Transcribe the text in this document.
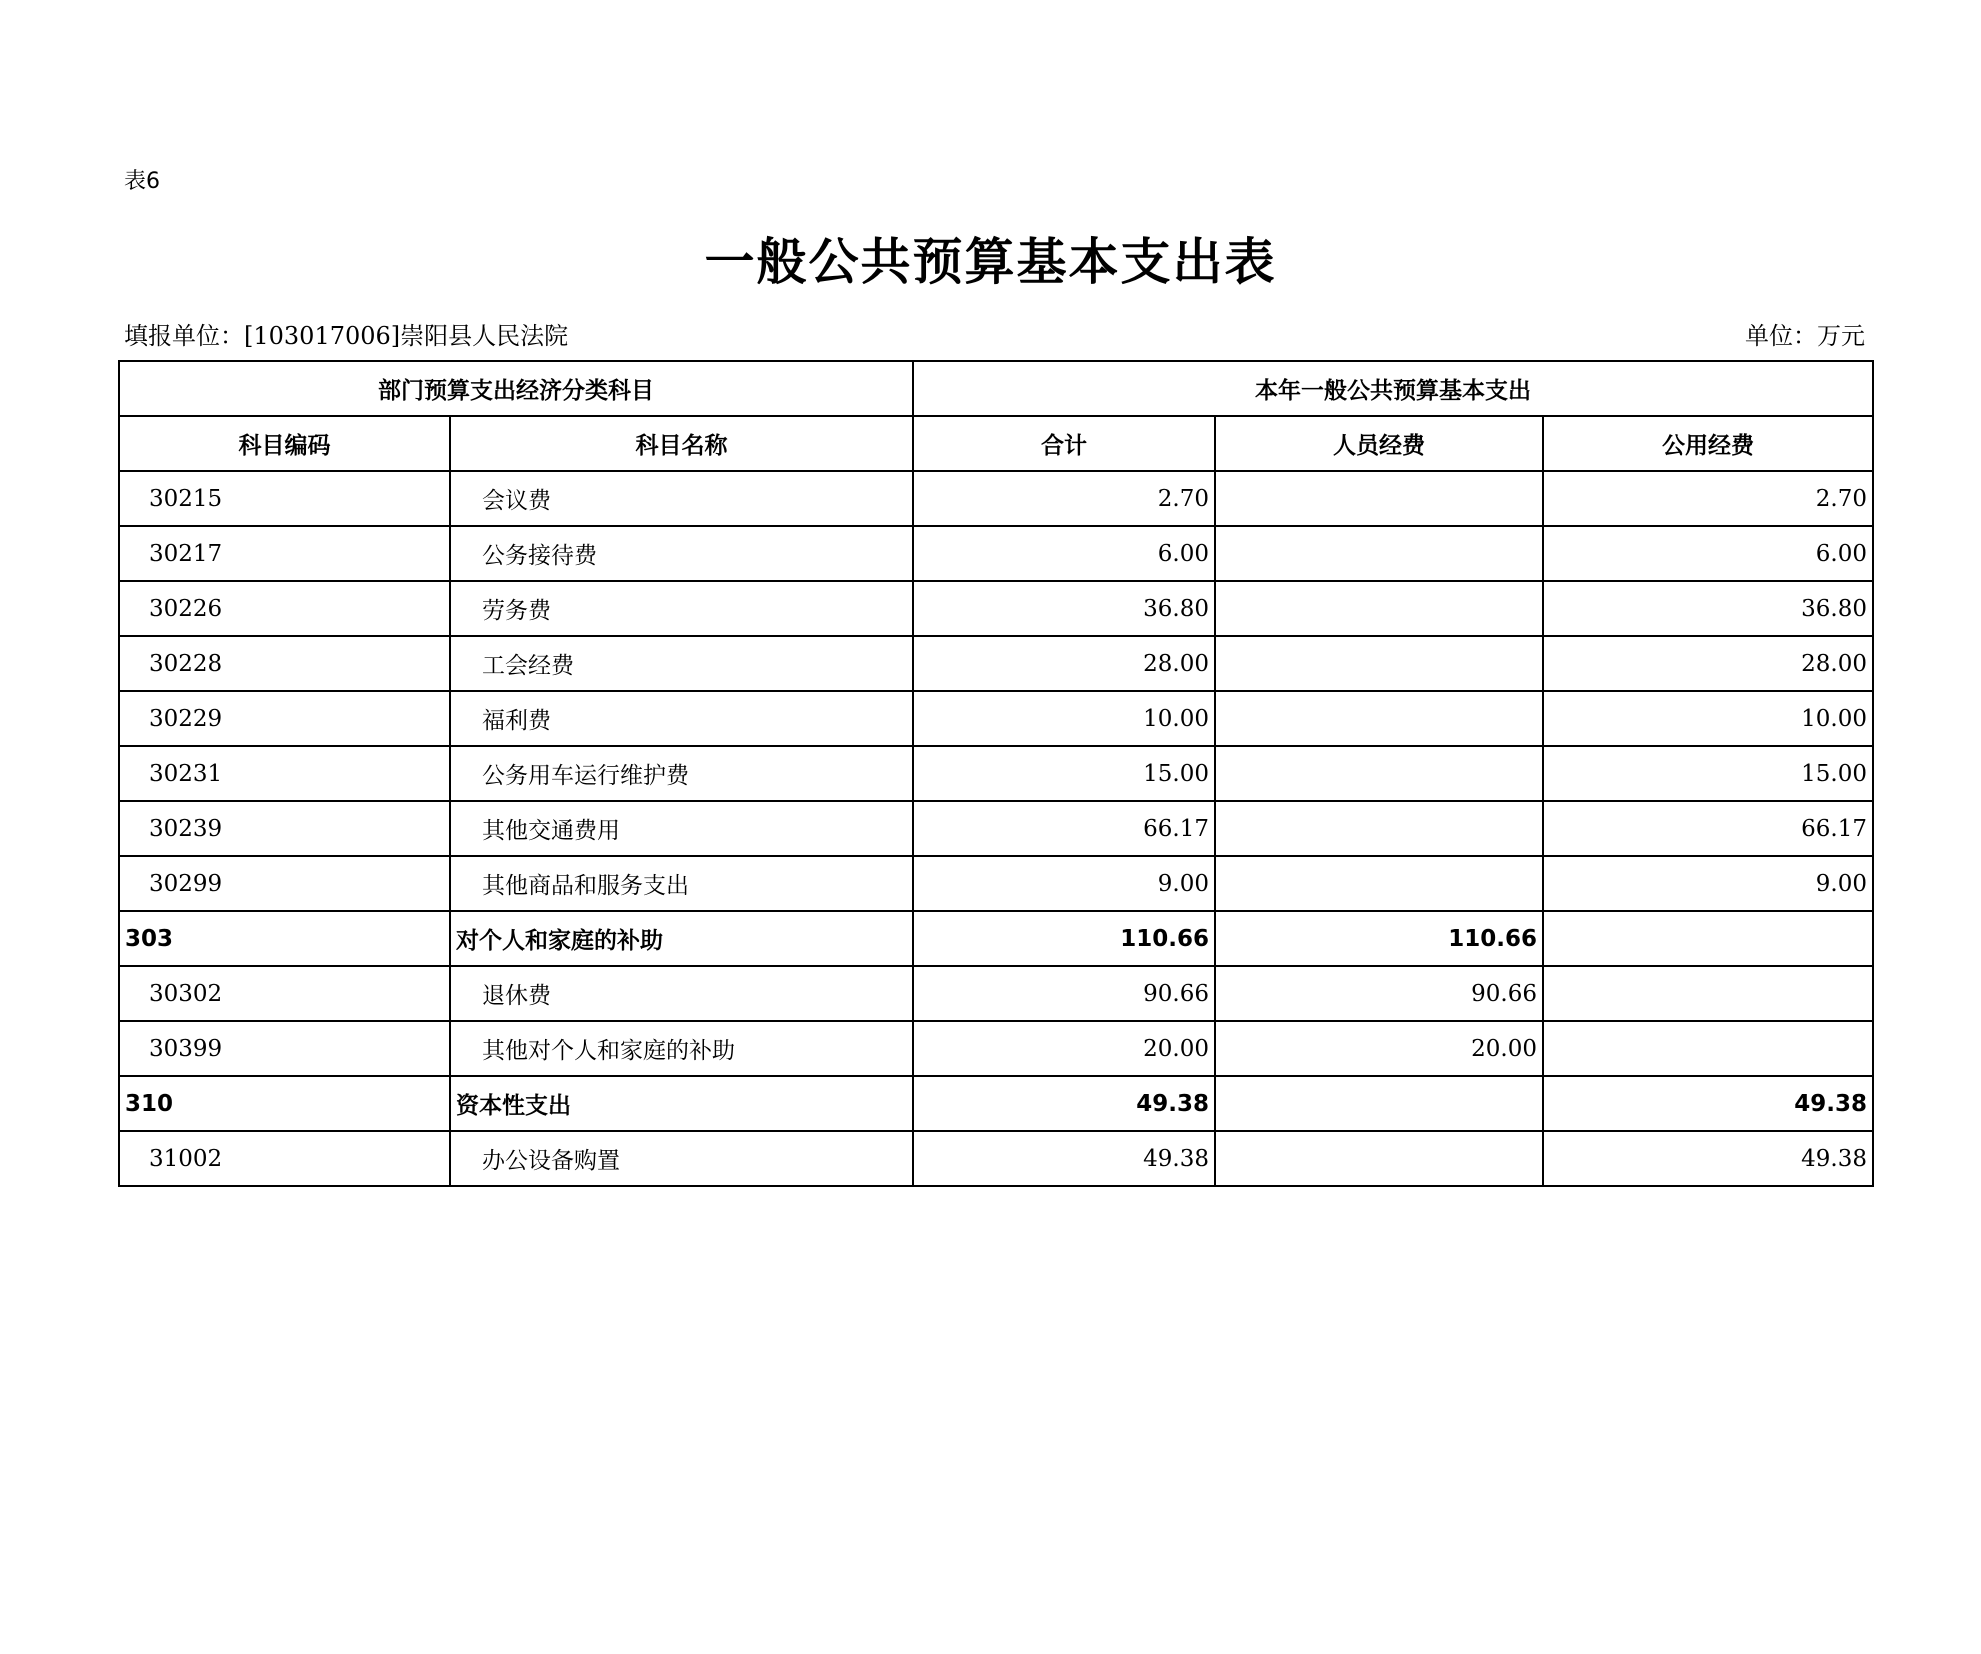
表6
一般公共预算基本支出表
填报单位：[103017006]崇阳县人民法院	单位：万元
部门预算支出经济分类科目		本年一般公共预算基本支出		
科目编码	科目名称	合计	人员经费	公用经费
30215	会议费	2.70		2.70
30217	公务接待费	6.00		6.00
30226	劳务费	36.80		36.80
30228	工会经费	28.00		28.00
30229	福利费	10.00		10.00
30231	公务用车运行维护费	15.00		15.00
30239	其他交通费用	66.17		66.17
30299	其他商品和服务支出	9.00		9.00
303	对个人和家庭的补助	110.66	110.66	
30302	退休费	90.66	90.66	
30399	其他对个人和家庭的补助	20.00	20.00	
310	资本性支出	49.38		49.38
31002	办公设备购置	49.38		49.38
